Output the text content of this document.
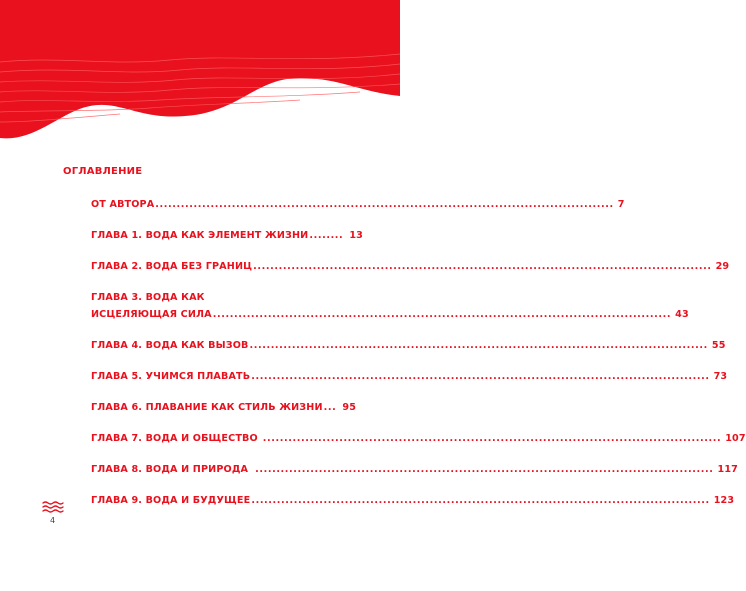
ОГЛАВЛЕНИЕ
ОТ АВТОРА ............................................................................................................ 7
ГЛАВА 1. ВОДА КАК ЭЛЕМЕНТ ЖИЗНИ ........ 13
ГЛАВА 2. ВОДА БЕЗ ГРАНИЦ ............................................................................................................ 29
ГЛАВА 3. ВОДА КАК
ИСЦЕЛЯЮЩАЯ СИЛА ............................................................................................................ 43
ГЛАВА 4. ВОДА КАК ВЫЗОВ ............................................................................................................ 55
ГЛАВА 5. УЧИМСЯ ПЛАВАТЬ ............................................................................................................ 73
ГЛАВА 6. ПЛАВАНИЕ КАК СТИЛЬ ЖИЗНИ ... 95
ГЛАВА 7. ВОДА И ОБЩЕСТВО ............................................................................................................ 107
ГЛАВА 8. ВОДА И ПРИРОДА ............................................................................................................ 117
ГЛАВА 9. ВОДА И БУДУЩЕЕ ............................................................................................................ 123
4
